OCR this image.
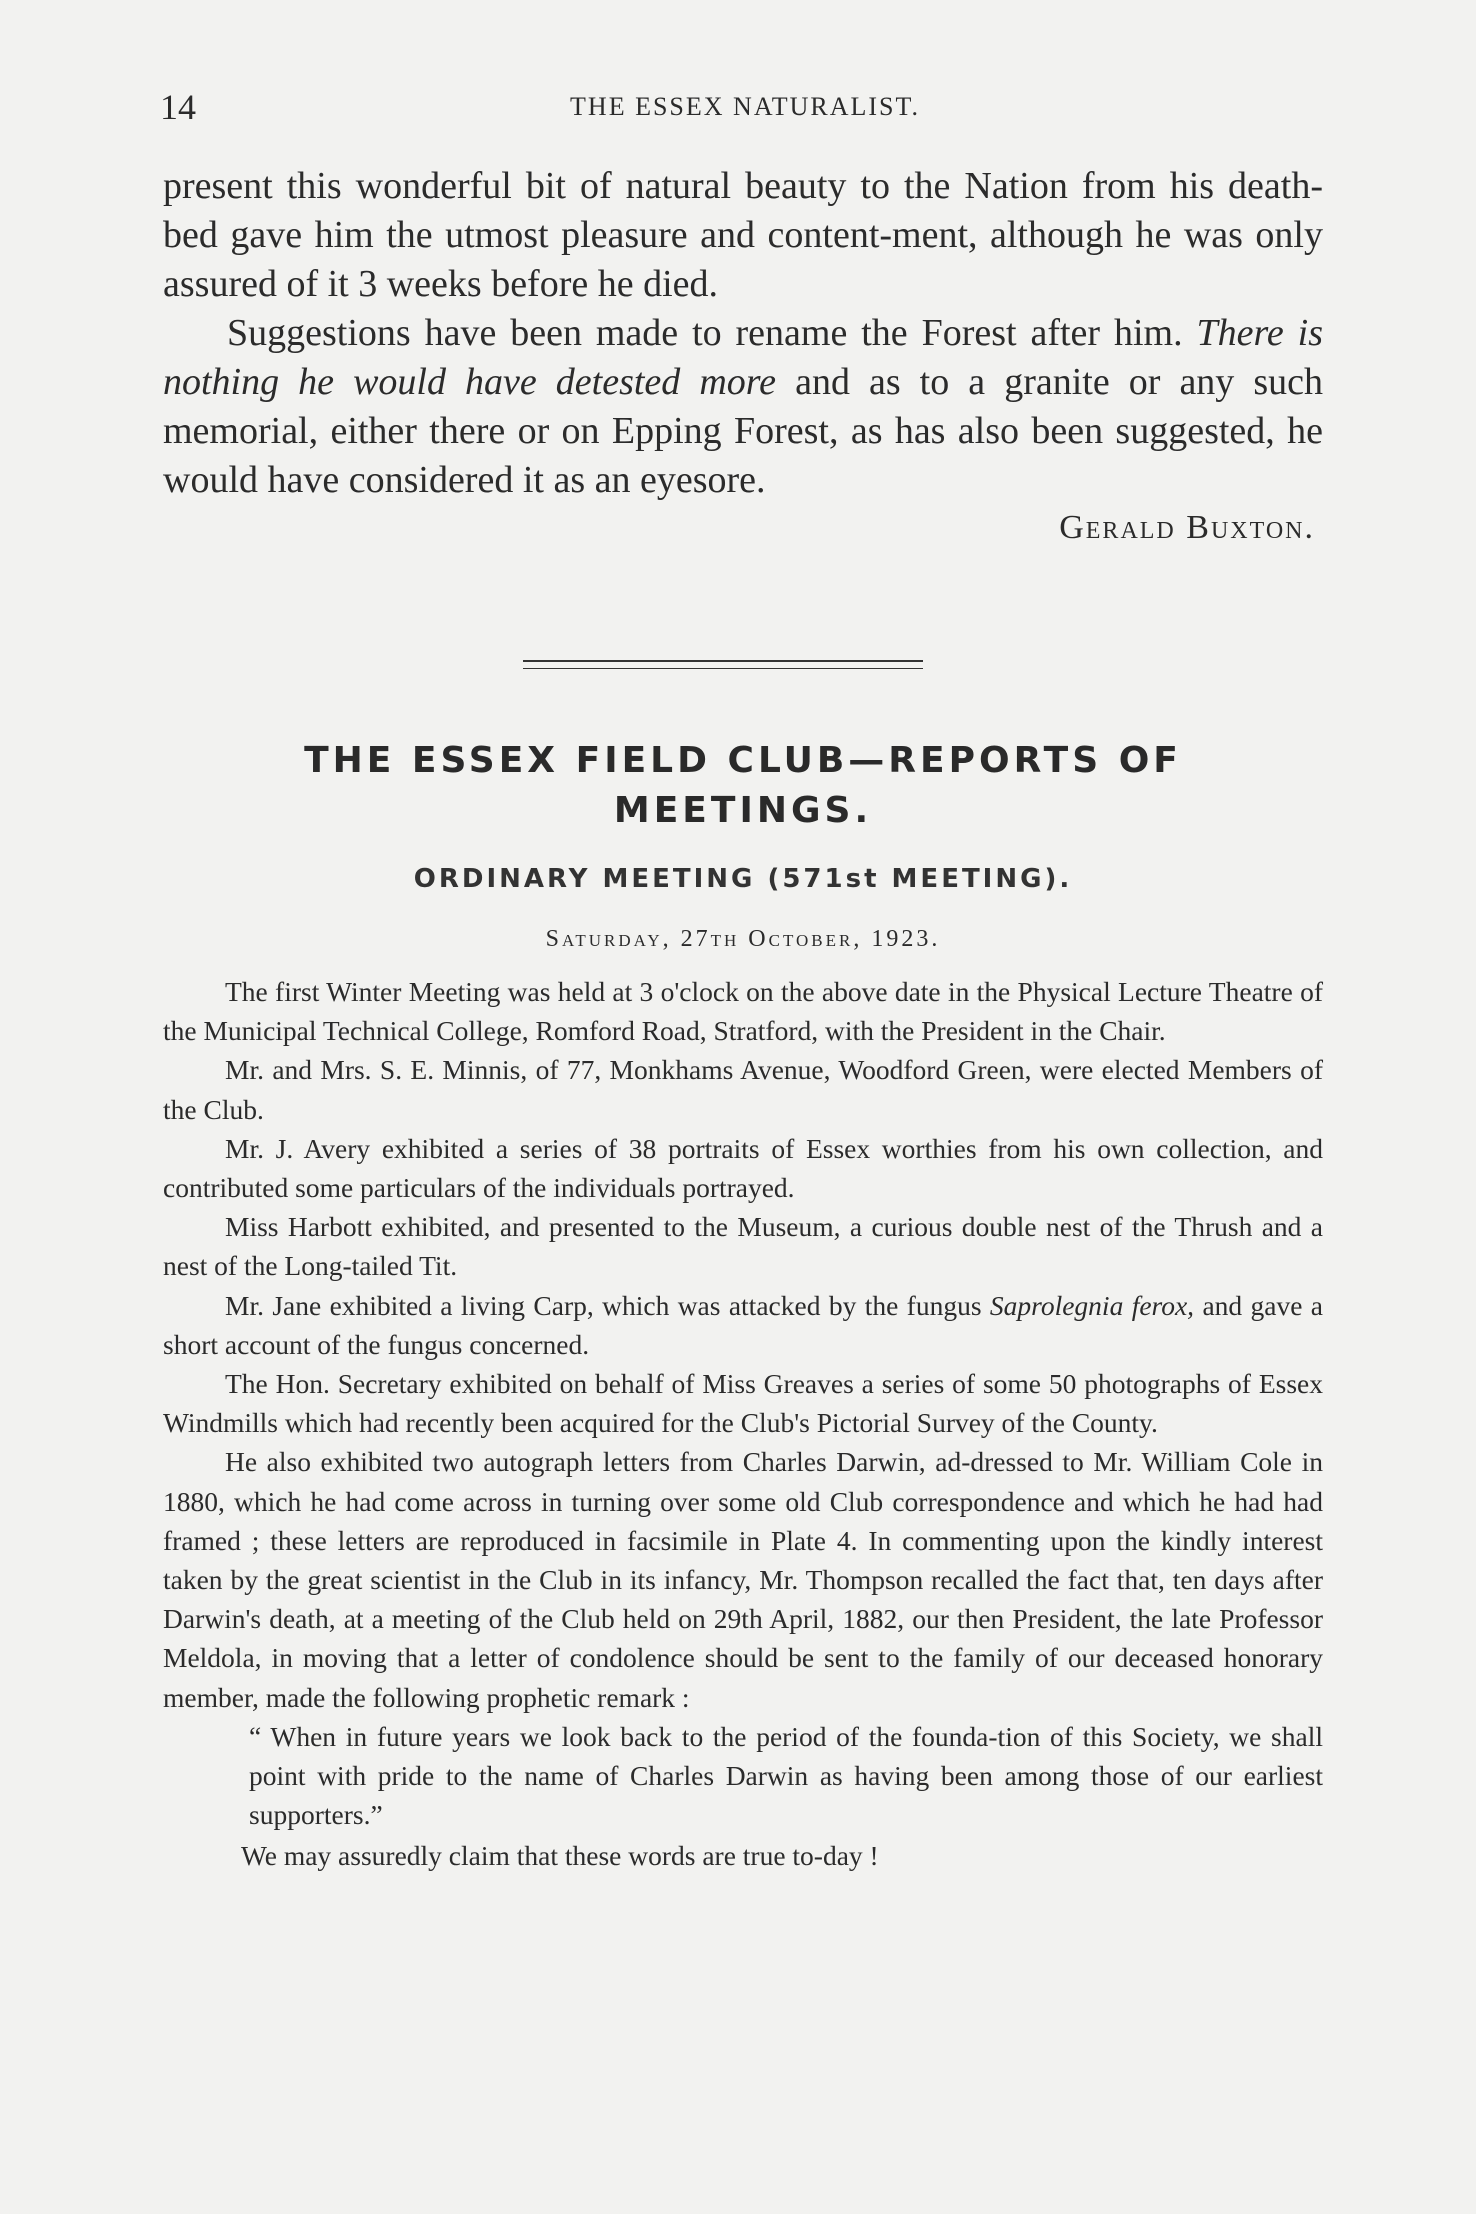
14	THE ESSEX NATURALIST.

present this wonderful bit of natural beauty to the Nation from his death-bed gave him the utmost pleasure and content-ment, although he was only assured of it 3 weeks before he died.

Suggestions have been made to rename the Forest after him. There is nothing he would have detested more and as to a granite or any such memorial, either there or on Epping Forest, as has also been suggested, he would have considered it as an eyesore.

Gerald Buxton.
THE ESSEX FIELD CLUB—REPORTS OF
MEETINGS.
ORDINARY MEETING (571st MEETING).
Saturday, 27th October, 1923.

The first Winter Meeting was held at 3 o'clock on the above date in the Physical Lecture Theatre of the Municipal Technical College, Romford Road, Stratford, with the President in the Chair.

Mr. and Mrs. S. E. Minnis, of 77, Monkhams Avenue, Woodford Green, were elected Members of the Club.

Mr. J. Avery exhibited a series of 38 portraits of Essex worthies from his own collection, and contributed some particulars of the individuals portrayed.

Miss Harbott exhibited, and presented to the Museum, a curious double nest of the Thrush and a nest of the Long-tailed Tit.

Mr. Jane exhibited a living Carp, which was attacked by the fungus Saprolegnia ferox, and gave a short account of the fungus concerned.

The Hon. Secretary exhibited on behalf of Miss Greaves a series of some 50 photographs of Essex Windmills which had recently been acquired for the Club's Pictorial Survey of the County.

He also exhibited two autograph letters from Charles Darwin, ad-dressed to Mr. William Cole in 1880, which he had come across in turning over some old Club correspondence and which he had had framed ; these letters are reproduced in facsimile in Plate 4. In commenting upon the kindly interest taken by the great scientist in the Club in its infancy, Mr. Thompson recalled the fact that, ten days after Darwin's death, at a meeting of the Club held on 29th April, 1882, our then President, the late Professor Meldola, in moving that a letter of condolence should be sent to the family of our deceased honorary member, made the following prophetic remark :

“ When in future years we look back to the period of the founda-tion of this Society, we shall point with pride to the name of Charles Darwin as having been among those of our earliest supporters.”

We may assuredly claim that these words are true to-day !
